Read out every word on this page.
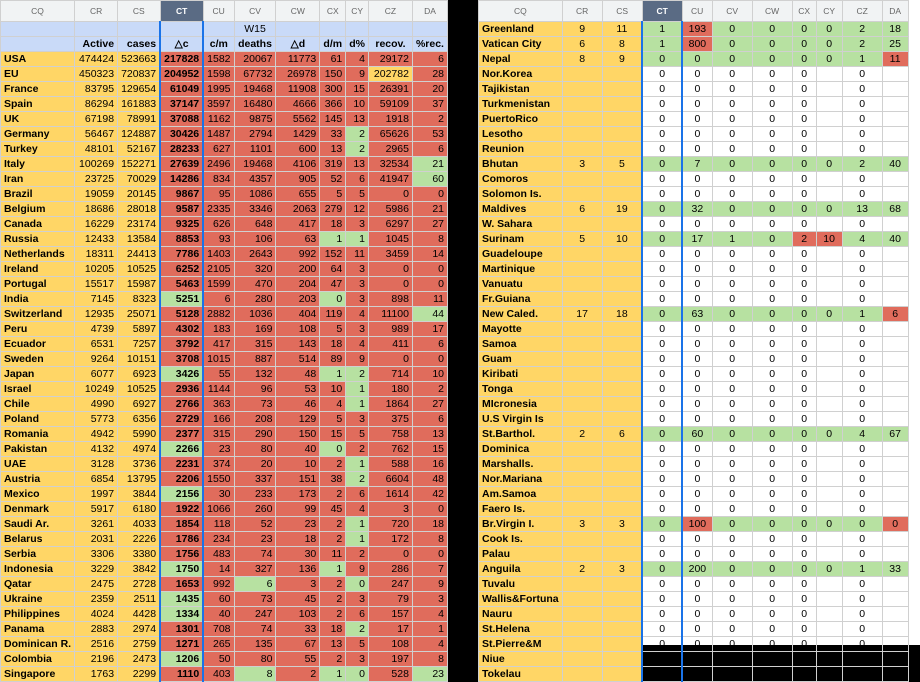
CQ	CR	CS	CT	CU	CV	CW	CX	CY	CZ	DA
					W15					
	Active	cases	△c	c/m	deaths	△d	d/m	d%	recov.	%rec.
USA	474424	523663	217828	1582	20067	11773	61	4	29172	6
EU	450323	720837	204952	1598	67732	26978	150	9	202782	28
France	83795	129654	61049	1995	19468	11908	300	15	26391	20
Spain	86294	161883	37147	3597	16480	4666	366	10	59109	37
UK	67198	78991	37088	1162	9875	5562	145	13	1918	2
Germany	56467	124887	30426	1487	2794	1429	33	2	65626	53
Turkey	48101	52167	28233	627	1101	600	13	2	2965	6
Italy	100269	152271	27639	2496	19468	4106	319	13	32534	21
Iran	23725	70029	14286	834	4357	905	52	6	41947	60
Brazil	19059	20145	9867	95	1086	655	5	5	0	0
Belgium	18686	28018	9587	2335	3346	2063	279	12	5986	21
Canada	16229	23174	9325	626	648	417	18	3	6297	27
Russia	12433	13584	8853	93	106	63	1	1	1045	8
Netherlands	18311	24413	7786	1403	2643	992	152	11	3459	14
Ireland	10205	10525	6252	2105	320	200	64	3	0	0
Portugal	15517	15987	5463	1599	470	204	47	3	0	0
India	7145	8323	5251	6	280	203	0	3	898	11
Switzerland	12935	25071	5128	2882	1036	404	119	4	11100	44
Peru	4739	5897	4302	183	169	108	5	3	989	17
Ecuador	6531	7257	3792	417	315	143	18	4	411	6
Sweden	9264	10151	3708	1015	887	514	89	9	0	0
Japan	6077	6923	3426	55	132	48	1	2	714	10
Israel	10249	10525	2936	1144	96	53	10	1	180	2
Chile	4990	6927	2766	363	73	46	4	1	1864	27
Poland	5773	6356	2729	166	208	129	5	3	375	6
Romania	4942	5990	2377	315	290	150	15	5	758	13
Pakistan	4132	4974	2266	23	80	40	0	2	762	15
UAE	3128	3736	2231	374	20	10	2	1	588	16
Austria	6854	13795	2206	1550	337	151	38	2	6604	48
Mexico	1997	3844	2156	30	233	173	2	6	1614	42
Denmark	5917	6180	1922	1066	260	99	45	4	3	0
Saudi Ar.	3261	4033	1854	118	52	23	2	1	720	18
Belarus	2031	2226	1786	234	23	18	2	1	172	8
Serbia	3306	3380	1756	483	74	30	11	2	0	0
Indonesia	3229	3842	1750	14	327	136	1	9	286	7
Qatar	2475	2728	1653	992	6	3	2	0	247	9
Ukraine	2359	2511	1435	60	73	45	2	3	79	3
Philippines	4024	4428	1334	40	247	103	2	6	157	4
Panama	2883	2974	1301	708	74	33	18	2	17	1
Dominican R.	2516	2759	1271	265	135	67	13	5	108	4
Colombia	2196	2473	1206	50	80	55	2	3	197	8
Singapore	1763	2299	1110	403	8	2	1	0	528	23
CQ	CR	CS	CT	CU	CV	CW	CX	CY	CZ	DA
Greenland	9	11	1	193	0	0	0	0	2	18
Vatican City	6	8	1	800	0	0	0	0	2	25
Nepal	8	9	0	0	0	0	0	0	1	11
Nor.Korea			0	0	0	0	0		0	
Tajikistan			0	0	0	0	0		0	
Turkmenistan			0	0	0	0	0		0	
PuertoRico			0	0	0	0	0		0	
Lesotho			0	0	0	0	0		0	
Reunion			0	0	0	0	0		0	
Bhutan	3	5	0	7	0	0	0	0	2	40
Comoros			0	0	0	0	0		0	
Solomon Is.			0	0	0	0	0		0	
Maldives	6	19	0	32	0	0	0	0	13	68
W. Sahara			0	0	0	0	0		0	
Surinam	5	10	0	17	1	0	2	10	4	40
Guadeloupe			0	0	0	0	0		0	
Martinique			0	0	0	0	0		0	
Vanuatu			0	0	0	0	0		0	
Fr.Guiana			0	0	0	0	0		0	
New Caled.	17	18	0	63	0	0	0	0	1	6
Mayotte			0	0	0	0	0		0	
Samoa			0	0	0	0	0		0	
Guam			0	0	0	0	0		0	
Kiribati			0	0	0	0	0		0	
Tonga			0	0	0	0	0		0	
MIcronesia			0	0	0	0	0		0	
U.S Virgin Is			0	0	0	0	0		0	
St.Barthol.	2	6	0	60	0	0	0	0	4	67
Dominica			0	0	0	0	0		0	
Marshalls.			0	0	0	0	0		0	
Nor.Mariana			0	0	0	0	0		0	
Am.Samoa			0	0	0	0	0		0	
Faero Is.			0	0	0	0	0		0	
Br.Virgin I.	3	3	0	100	0	0	0	0	0	0
Cook Is.			0	0	0	0	0		0	
Palau			0	0	0	0	0		0	
Anguila	2	3	0	200	0	0	0	0	1	33
Tuvalu			0	0	0	0	0		0	
Wallis&Fortuna			0	0	0	0	0		0	
Nauru			0	0	0	0	0		0	
St.Helena			0	0	0	0	0		0	
St.Pierre&M			0	0	0	0	0		0	
Niue			0	0	0	0	0		0	
Tokelau			0	0	0	0	0		0	
